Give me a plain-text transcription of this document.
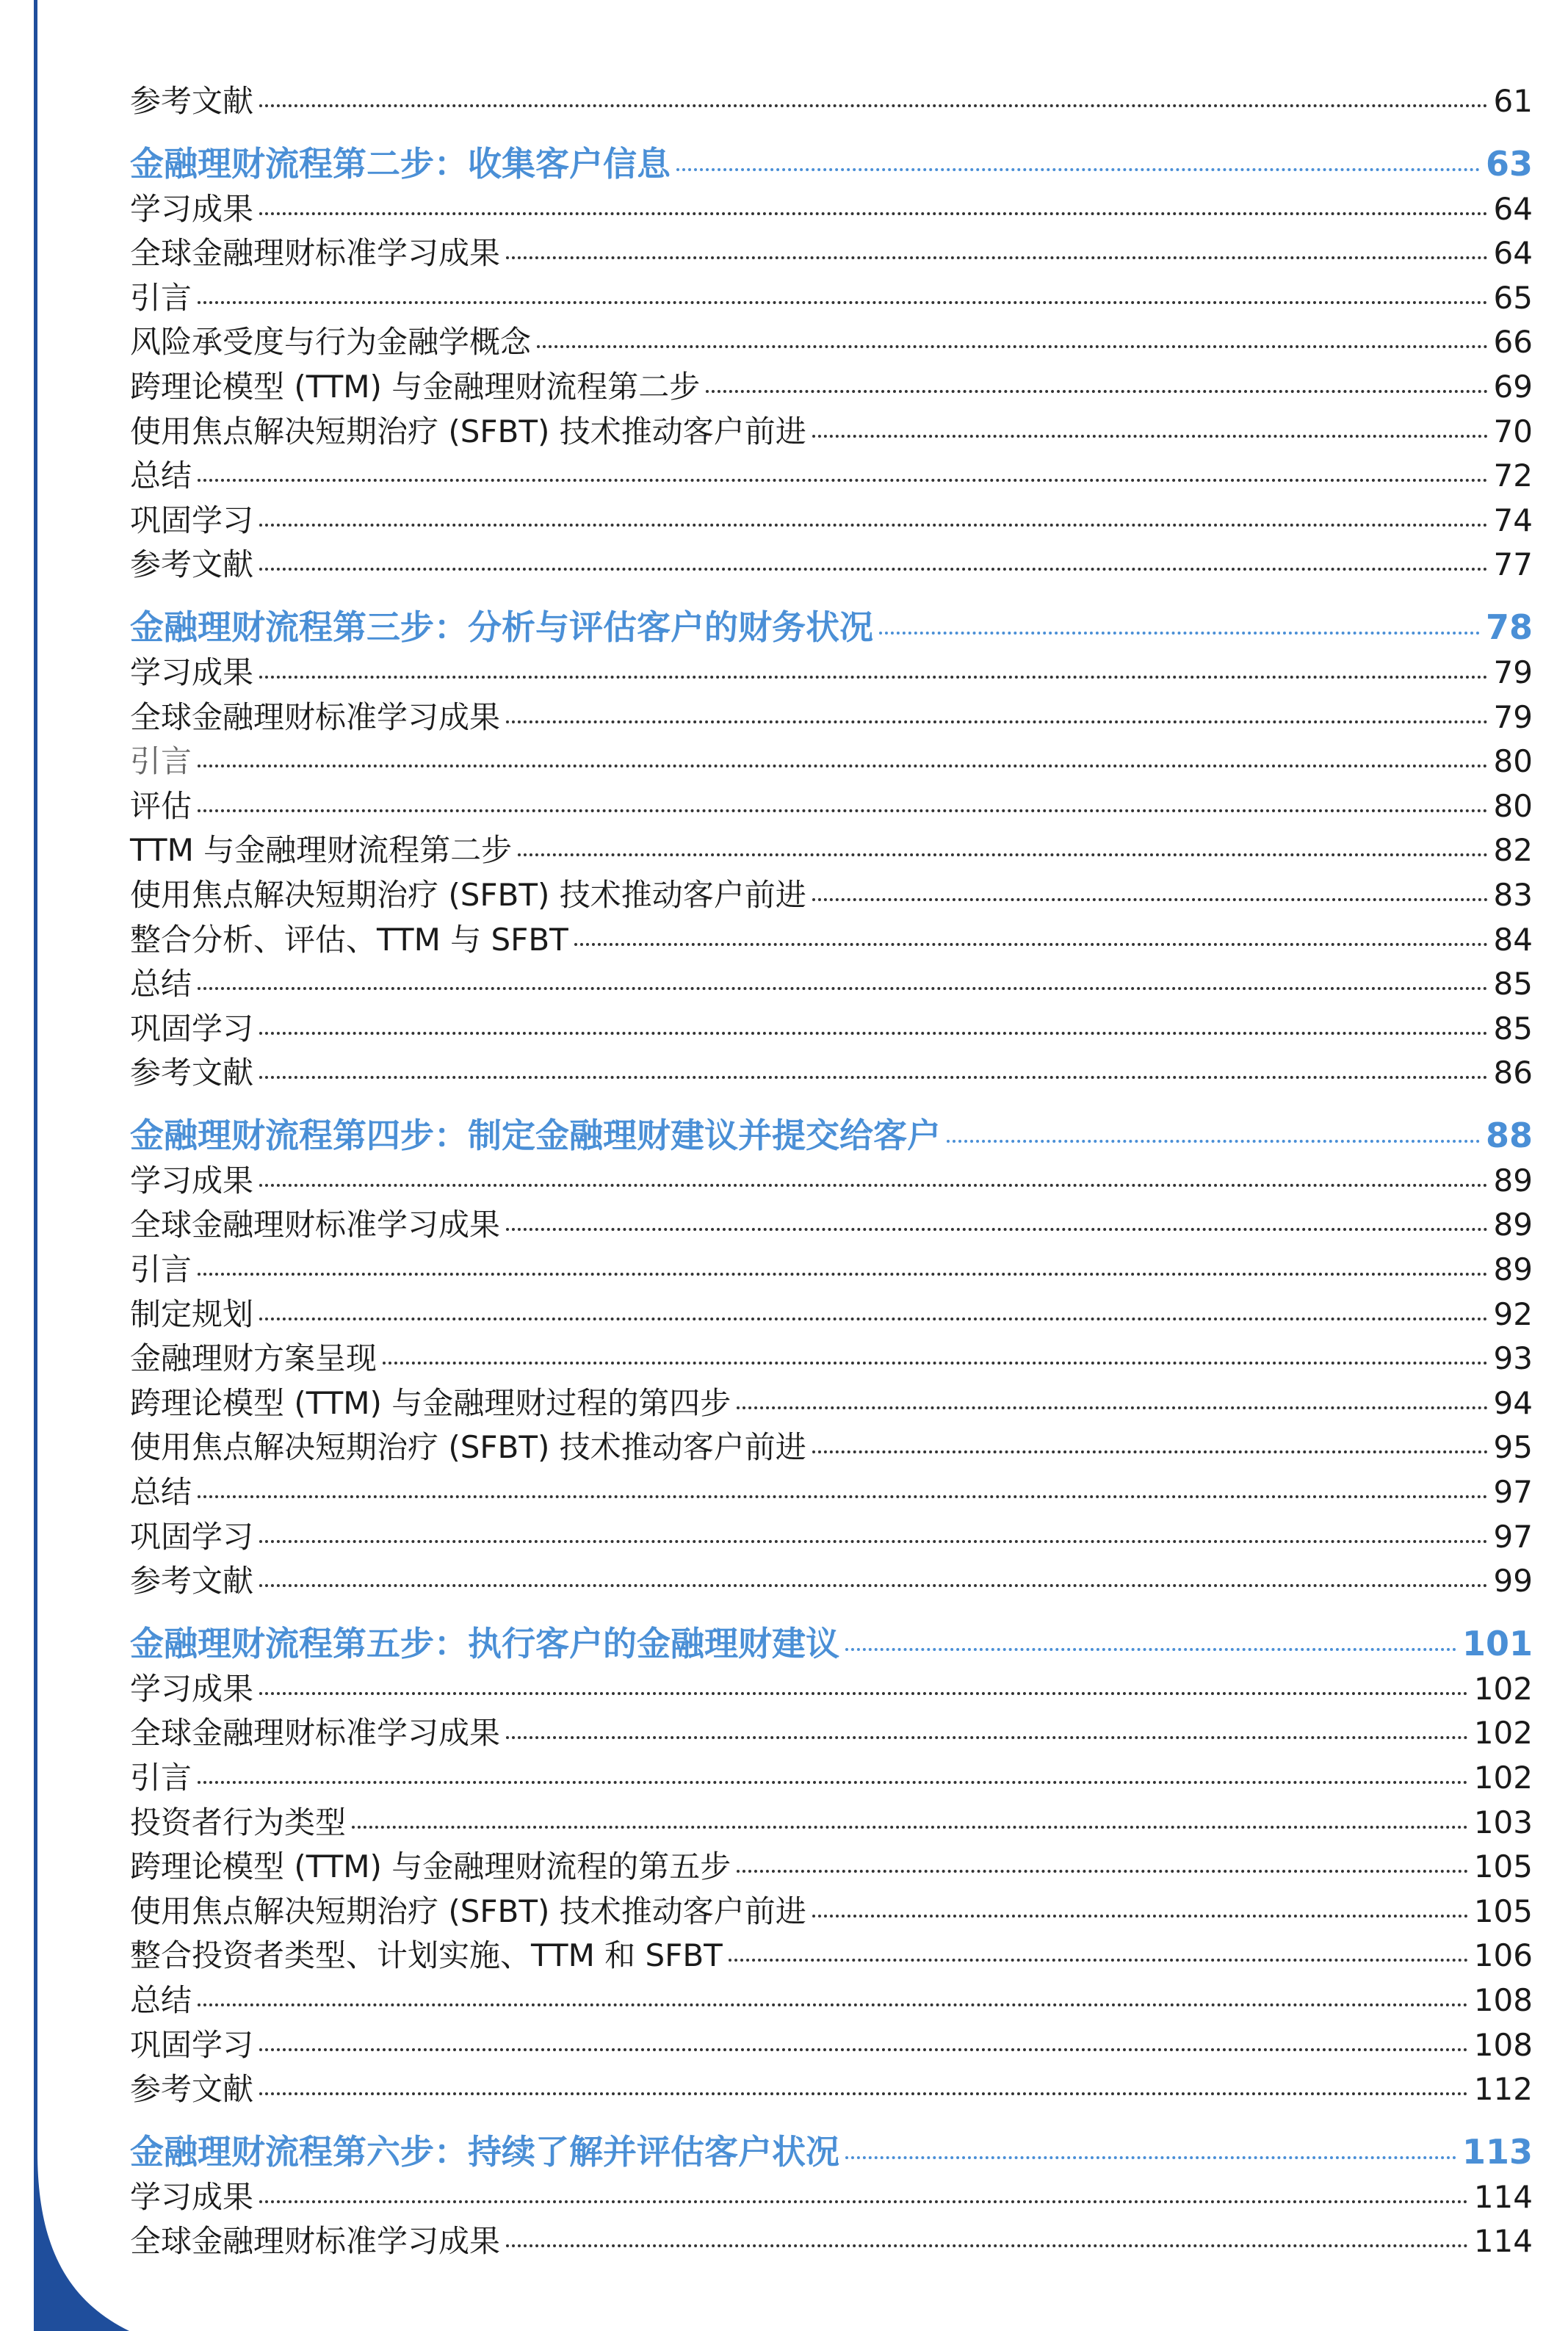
参考文献	61
金融理财流程第二步：收集客户信息	63
学习成果	64
全球金融理财标准学习成果	64
引言	65
风险承受度与行为金融学概念	66
跨理论模型 (TTM) 与金融理财流程第二步	69
使用焦点解决短期治疗 (SFBT) 技术推动客户前进	70
总结	72
巩固学习	74
参考文献	77
金融理财流程第三步：分析与评估客户的财务状况	78
学习成果	79
全球金融理财标准学习成果	79
引言	80
评估	80
TTM 与金融理财流程第二步	82
使用焦点解决短期治疗 (SFBT) 技术推动客户前进	83
整合分析、评估、TTM 与 SFBT	84
总结	85
巩固学习	85
参考文献	86
金融理财流程第四步：制定金融理财建议并提交给客户	88
学习成果	89
全球金融理财标准学习成果	89
引言	89
制定规划	92
金融理财方案呈现	93
跨理论模型 (TTM) 与金融理财过程的第四步	94
使用焦点解决短期治疗 (SFBT) 技术推动客户前进	95
总结	97
巩固学习	97
参考文献	99
金融理财流程第五步：执行客户的金融理财建议	101
学习成果	102
全球金融理财标准学习成果	102
引言	102
投资者行为类型	103
跨理论模型 (TTM) 与金融理财流程的第五步	105
使用焦点解决短期治疗 (SFBT) 技术推动客户前进	105
整合投资者类型、计划实施、TTM 和 SFBT	106
总结	108
巩固学习	108
参考文献	112
金融理财流程第六步：持续了解并评估客户状况	113
学习成果	114
全球金融理财标准学习成果	114
